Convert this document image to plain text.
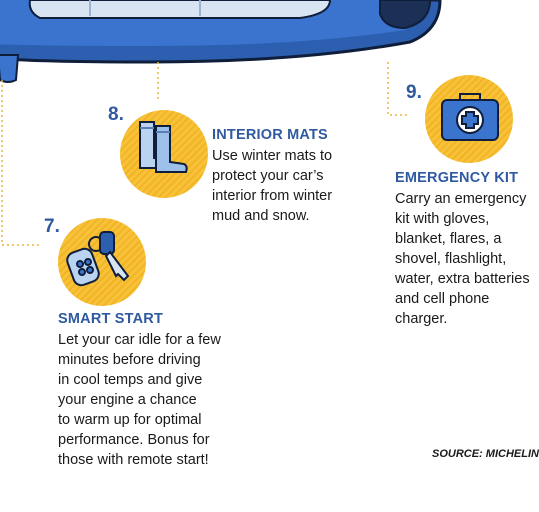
8.
INTERIOR MATS
Use winter mats to
protect your car’s
interior from winter
mud and snow.
9.
EMERGENCY KIT
Carry an emergency
kit with gloves,
blanket, flares, a
shovel, flashlight,
water, extra batteries
and cell phone
charger.
7.
SMART START
Let your car idle for a few
minutes before driving
in cool temps and give
your engine a chance
to warm up for optimal
performance. Bonus for
those with remote start!	SOURCE: MICHELIN
